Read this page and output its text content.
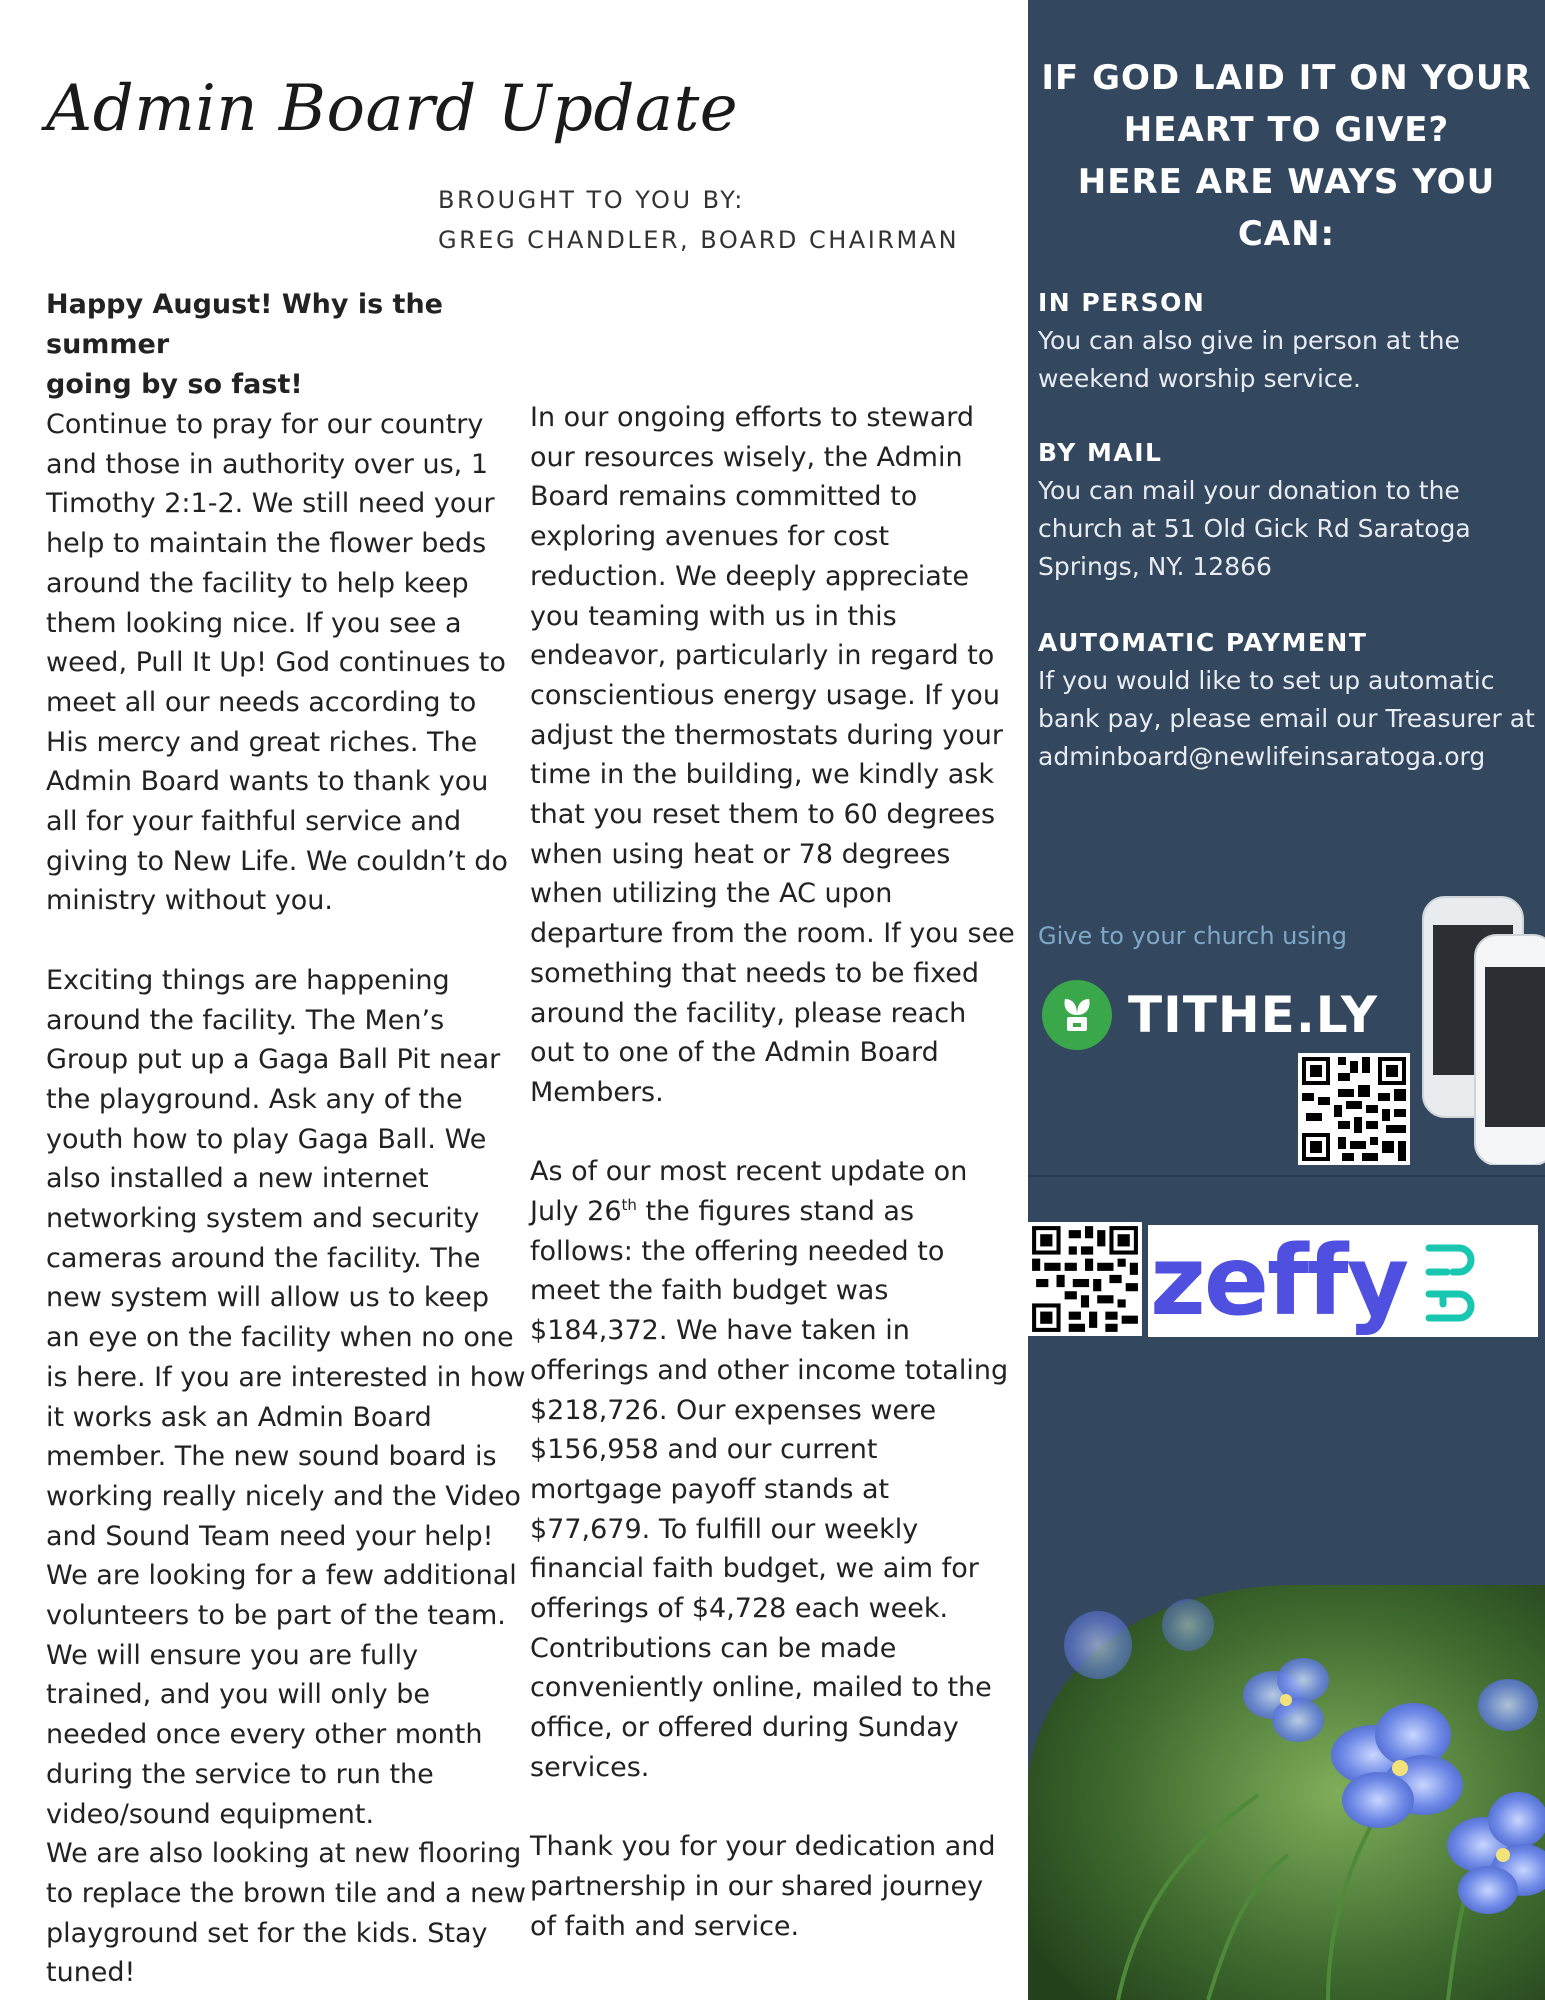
Admin Board Update
BROUGHT TO YOU BY:
GREG CHANDLER, BOARD CHAIRMAN
Happy August! Why is the summer
going by so fast!

Continue to pray for our country and those in authority over us, 1 Timothy 2:1-2. We still need your help to maintain the flower beds around the facility to help keep them looking nice. If you see a weed, Pull It Up! God continues to meet all our needs according to His mercy and great riches. The Admin Board wants to thank you all for your faithful service and giving to New Life. We couldn’t do ministry without you.

Exciting things are happening around the facility. The Men’s Group put up a Gaga Ball Pit near the playground. Ask any of the youth how to play Gaga Ball. We also installed a new internet networking system and security cameras around the facility. The new system will allow us to keep an eye on the facility when no one is here. If you are interested in how it works ask an Admin Board member. The new sound board is working really nicely and the Video and Sound Team need your help! We are looking for a few additional volunteers to be part of the team. We will ensure you are fully trained, and you will only be needed once every other month during the service to run the video/sound equipment.

We are also looking at new flooring to replace the brown tile and a new playground set for the kids. Stay tuned!

In our ongoing efforts to steward our resources wisely, the Admin Board remains committed to exploring avenues for cost reduction. We deeply appreciate you teaming with us in this endeavor, particularly in regard to conscientious energy usage. If you adjust the thermostats during your time in the building, we kindly ask that you reset them to 60 degrees when using heat or 78 degrees when utilizing the AC upon departure from the room. If you see something that needs to be fixed around the facility, please reach out to one of the Admin Board Members.

As of our most recent update on July 26th the figures stand as follows: the offering needed to meet the faith budget was $184,372. We have taken in offerings and other income totaling $218,726. Our expenses were $156,958 and our current mortgage payoff stands at $77,679. To fulfill our weekly financial faith budget, we aim for offerings of $4,728 each week. Contributions can be made conveniently online, mailed to the office, or offered during Sunday services.

Thank you for your dedication and partnership in our shared journey of faith and service.

IF GOD LAID IT ON YOUR
HEART TO GIVE?
HERE ARE WAYS YOU CAN:
IN PERSON
You can also give in person at the weekend worship service.
BY MAIL
You can mail your donation to the church at 51 Old Gick Rd Saratoga Springs, NY. 12866
AUTOMATIC PAYMENT
If you would like to set up automatic bank pay, please email our Treasurer at adminboard@newlifeinsaratoga.org
Give to your church using
TITHE.LY
zeffy
